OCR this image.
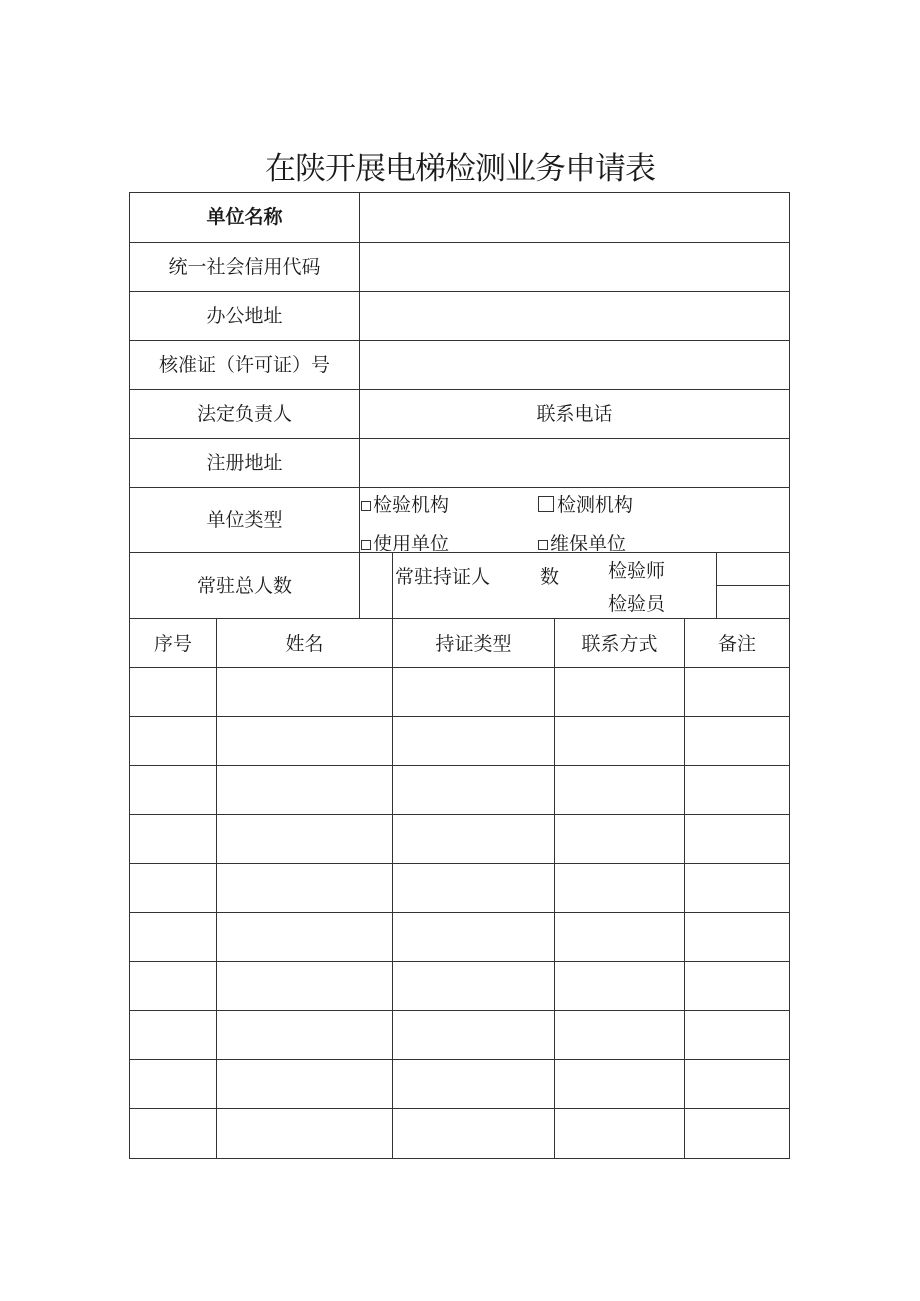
在陕开展电梯检测业务申请表
单位名称
统一社会信用代码
办公地址
核准证（许可证）号
法定负责人	联系电话
注册地址
单位类型
检验机构	检测机构
使用单位	维保单位
常驻总人数	常驻持证人	数	检验师
检验员
序号	姓名	持证类型	联系方式	备注
